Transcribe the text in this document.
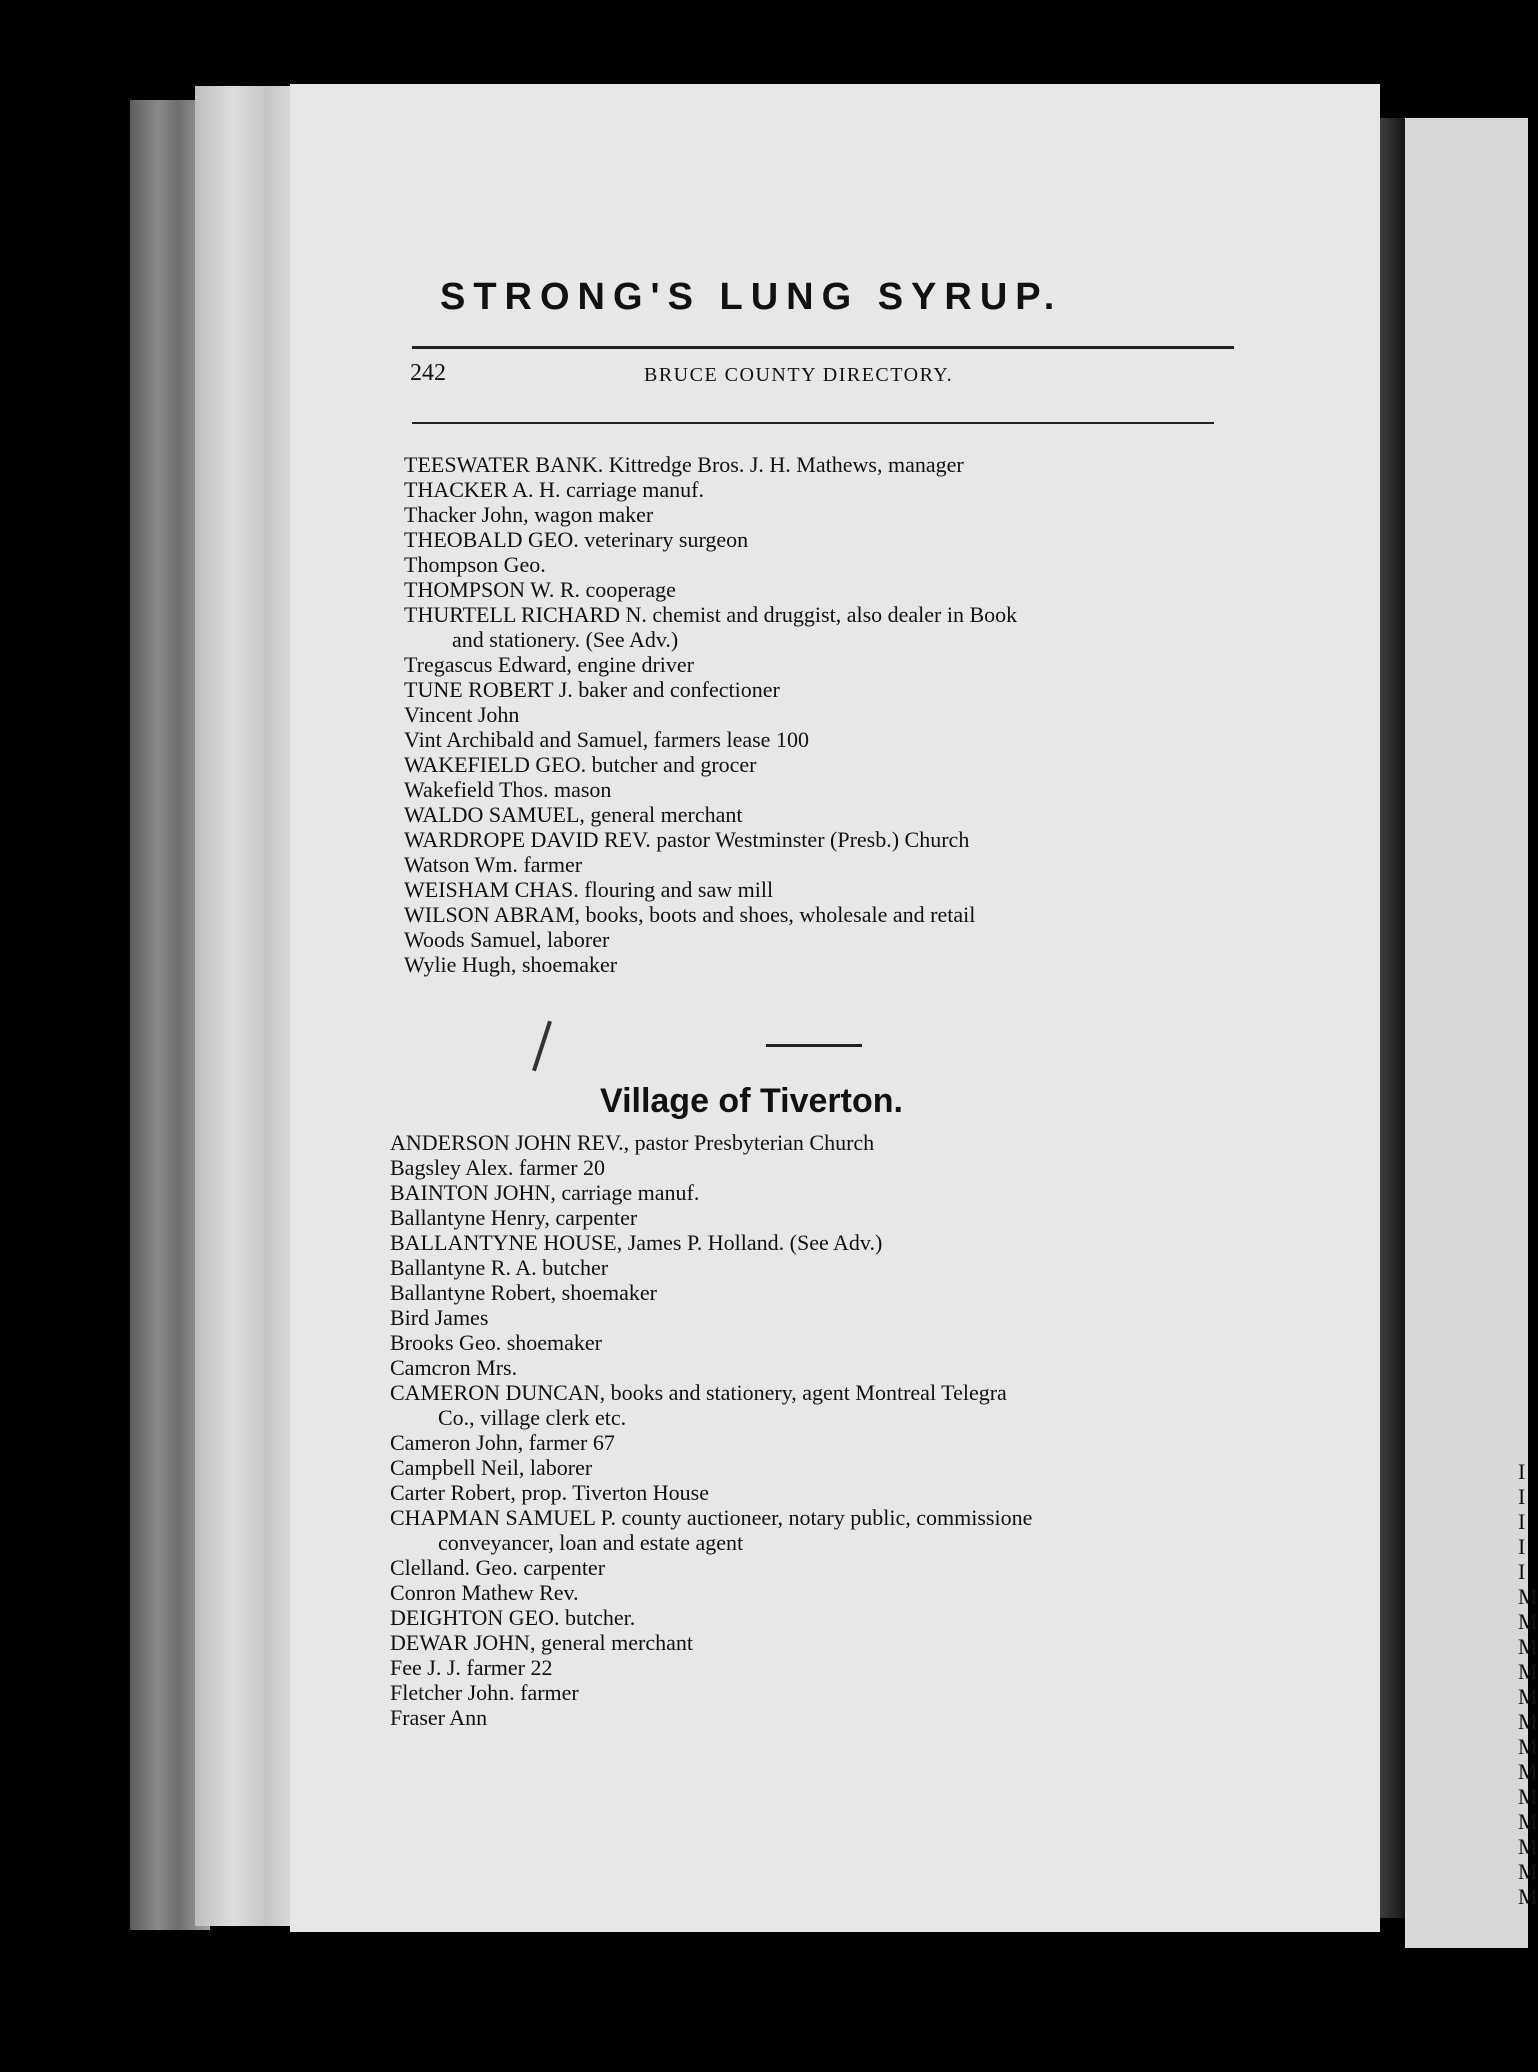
I
I
I
I
I
M
M
M
M
M
M
M
M
M
M
M
M
M
STRONG'S LUNG SYRUP.
242	BRUCE COUNTY DIRECTORY.
TEESWATER BANK. Kittredge Bros. J. H. Mathews, manager
THACKER A. H. carriage manuf.
Thacker John, wagon maker
THEOBALD GEO. veterinary surgeon
Thompson Geo.
THOMPSON W. R. cooperage
THURTELL RICHARD N. chemist and druggist, also dealer in Book
and stationery. (See Adv.)
Tregascus Edward, engine driver
TUNE ROBERT J. baker and confectioner
Vincent John
Vint Archibald and Samuel, farmers lease 100
WAKEFIELD GEO. butcher and grocer
Wakefield Thos. mason
WALDO SAMUEL, general merchant
WARDROPE DAVID REV. pastor Westminster (Presb.) Church
Watson Wm. farmer
WEISHAM CHAS. flouring and saw mill
WILSON ABRAM, books, boots and shoes, wholesale and retail
Woods Samuel, laborer
Wylie Hugh, shoemaker
Village of Tiverton.
ANDERSON JOHN REV., pastor Presbyterian Church
Bagsley Alex. farmer 20
BAINTON JOHN, carriage manuf.
Ballantyne Henry, carpenter
BALLANTYNE HOUSE, James P. Holland. (See Adv.)
Ballantyne R. A. butcher
Ballantyne Robert, shoemaker
Bird James
Brooks Geo. shoemaker
Camcron Mrs.
CAMERON DUNCAN, books and stationery, agent Montreal Telegra
Co., village clerk etc.
Cameron John, farmer 67
Campbell Neil, laborer
Carter Robert, prop. Tiverton House
CHAPMAN SAMUEL P. county auctioneer, notary public, commissione
conveyancer, loan and estate agent
Clelland. Geo. carpenter
Conron Mathew Rev.
DEIGHTON GEO. butcher.
DEWAR JOHN, general merchant
Fee J. J. farmer 22
Fletcher John. farmer
Fraser Ann
